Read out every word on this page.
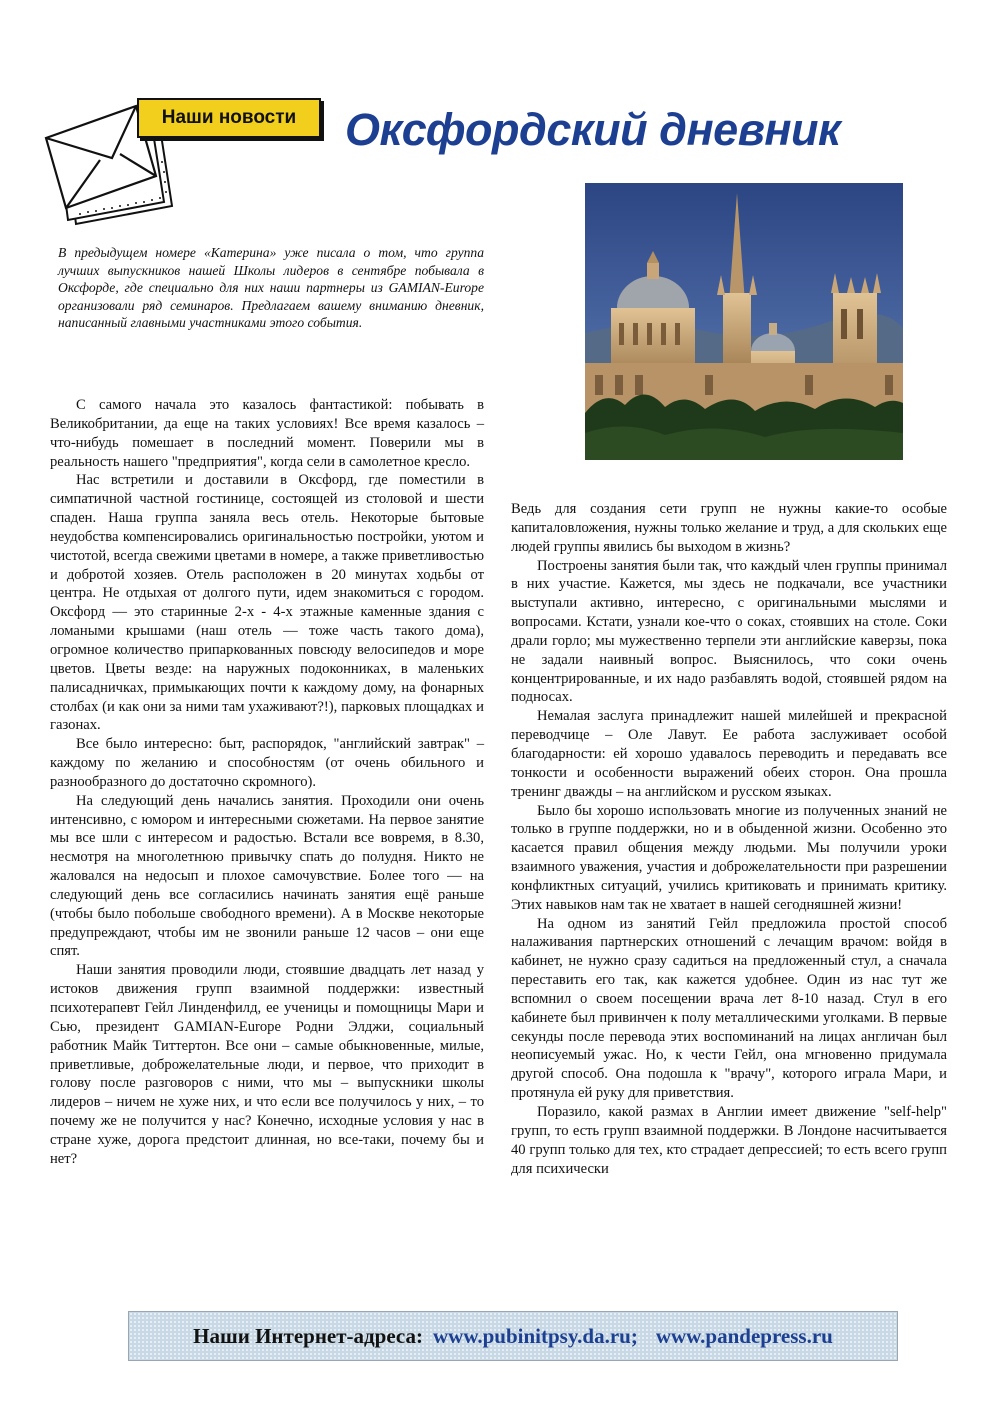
Наши новости Оксфордский дневник
В предыдущем номере «Катерина» уже писала о том, что группа лучших выпускников нашей Школы лидеров в сентябре побывала в Оксфорде, где специально для них наши партнеры из GAMIAN-Europe организовали ряд семинаров. Предлагаем вашему вниманию дневник, написанный главными участниками этого события.

С самого начала это казалось фантастикой: побывать в Великобритании, да еще на таких условиях! Все время казалось – что-нибудь помешает в последний момент. Поверили мы в реальность нашего "предприятия", когда сели в самолетное кресло.

Нас встретили и доставили в Оксфорд, где поместили в симпатичной частной гостинице, состоящей из столовой и шести спаден. Наша группа заняла весь отель. Некоторые бытовые неудобства компенсировались оригинальностью постройки, уютом и чистотой, всегда свежими цветами в номере, а также приветливостью и добротой хозяев. Отель расположен в 20 минутах ходьбы от центра. Не отдыхая от долгого пути, идем знакомиться с городом. Оксфорд — это старинные 2-х - 4-х этажные каменные здания с ломаными крышами (наш отель — тоже часть такого дома), огромное количество припаркованных повсюду велосипедов и море цветов. Цветы везде: на наружных подоконниках, в маленьких палисадничках, примыкающих почти к каждому дому, на фонарных столбах (и как они за ними там ухаживают?!), парковых площадках и газонах.

Все было интересно: быт, распорядок, "английский завтрак" – каждому по желанию и способностям (от очень обильного и разнообразного до достаточно скромного).

На следующий день начались занятия. Проходили они очень интенсивно, с юмором и интересными сюжетами. На первое занятие мы все шли с интересом и радостью. Встали все вовремя, в 8.30, несмотря на многолетнюю привычку спать до полудня. Никто не жаловался на недосып и плохое самочувствие. Более того — на следующий день все согласились начинать занятия ещё раньше (чтобы было побольше свободного времени). А в Москве некоторые предупреждают, чтобы им не звонили раньше 12 часов – они еще спят.

Наши занятия проводили люди, стоявшие двадцать лет назад у истоков движения групп взаимной поддержки: известный психотерапевт Гейл Линденфилд, ее ученицы и помощницы Мари и Сью, президент GAMIAN-Europe Родни Элджи, социальный работник Майк Титтертон. Все они – самые обыкновенные, милые, приветливые, доброжелательные люди, и первое, что приходит в голову после разговоров с ними, что мы – выпускники школы лидеров – ничем не хуже них, и что если все получилось у них, – то почему же не получится у нас? Конечно, исходные условия у нас в стране хуже, дорога предстоит длинная, но все-таки, почему бы и нет?

Ведь для создания сети групп не нужны какие-то особые капиталовложения, нужны только желание и труд, а для скольких еще людей группы явились бы выходом в жизнь?

Построены занятия были так, что каждый член группы принимал в них участие. Кажется, мы здесь не подкачали, все участники выступали активно, интересно, с оригинальными мыслями и вопросами. Кстати, узнали кое-что о соках, стоявших на столе. Соки драли горло; мы мужественно терпели эти английские каверзы, пока не задали наивный вопрос. Выяснилось, что соки очень концентрированные, и их надо разбавлять водой, стоявшей рядом на подносах.

Немалая заслуга принадлежит нашей милейшей и прекрасной переводчице – Оле Лавут. Ее работа заслуживает особой благодарности: ей хорошо удавалось переводить и передавать все тонкости и особенности выражений обеих сторон. Она прошла тренинг дважды – на английском и русском языках.

Было бы хорошо использовать многие из полученных знаний не только в группе поддержки, но и в обыденной жизни. Особенно это касается правил общения между людьми. Мы получили уроки взаимного уважения, участия и доброжелательности при разрешении конфликтных ситуаций, учились критиковать и принимать критику. Этих навыков нам так не хватает в нашей сегодняшней жизни!

На одном из занятий Гейл предложила простой способ налаживания партнерских отношений с лечащим врачом: войдя в кабинет, не нужно сразу садиться на предложенный стул, а сначала переставить его так, как кажется удобнее. Один из нас тут же вспомнил о своем посещении врача лет 8-10 назад. Стул в его кабинете был привинчен к полу металлическими уголками. В первые секунды после перевода этих воспоминаний на лицах англичан был неописуемый ужас. Но, к чести Гейл, она мгновенно придумала другой способ. Она подошла к "врачу", которого играла Мари, и протянула ей руку для приветствия.

Поразило, какой размах в Англии имеет движение "self-help" групп, то есть групп взаимной поддержки. В Лондоне насчитывается 40 групп только для тех, кто страдает депрессией; то есть всего групп для психически

Наши Интернет-адреса: www.pubinitpsy.da.ru; www.pandepress.ru
